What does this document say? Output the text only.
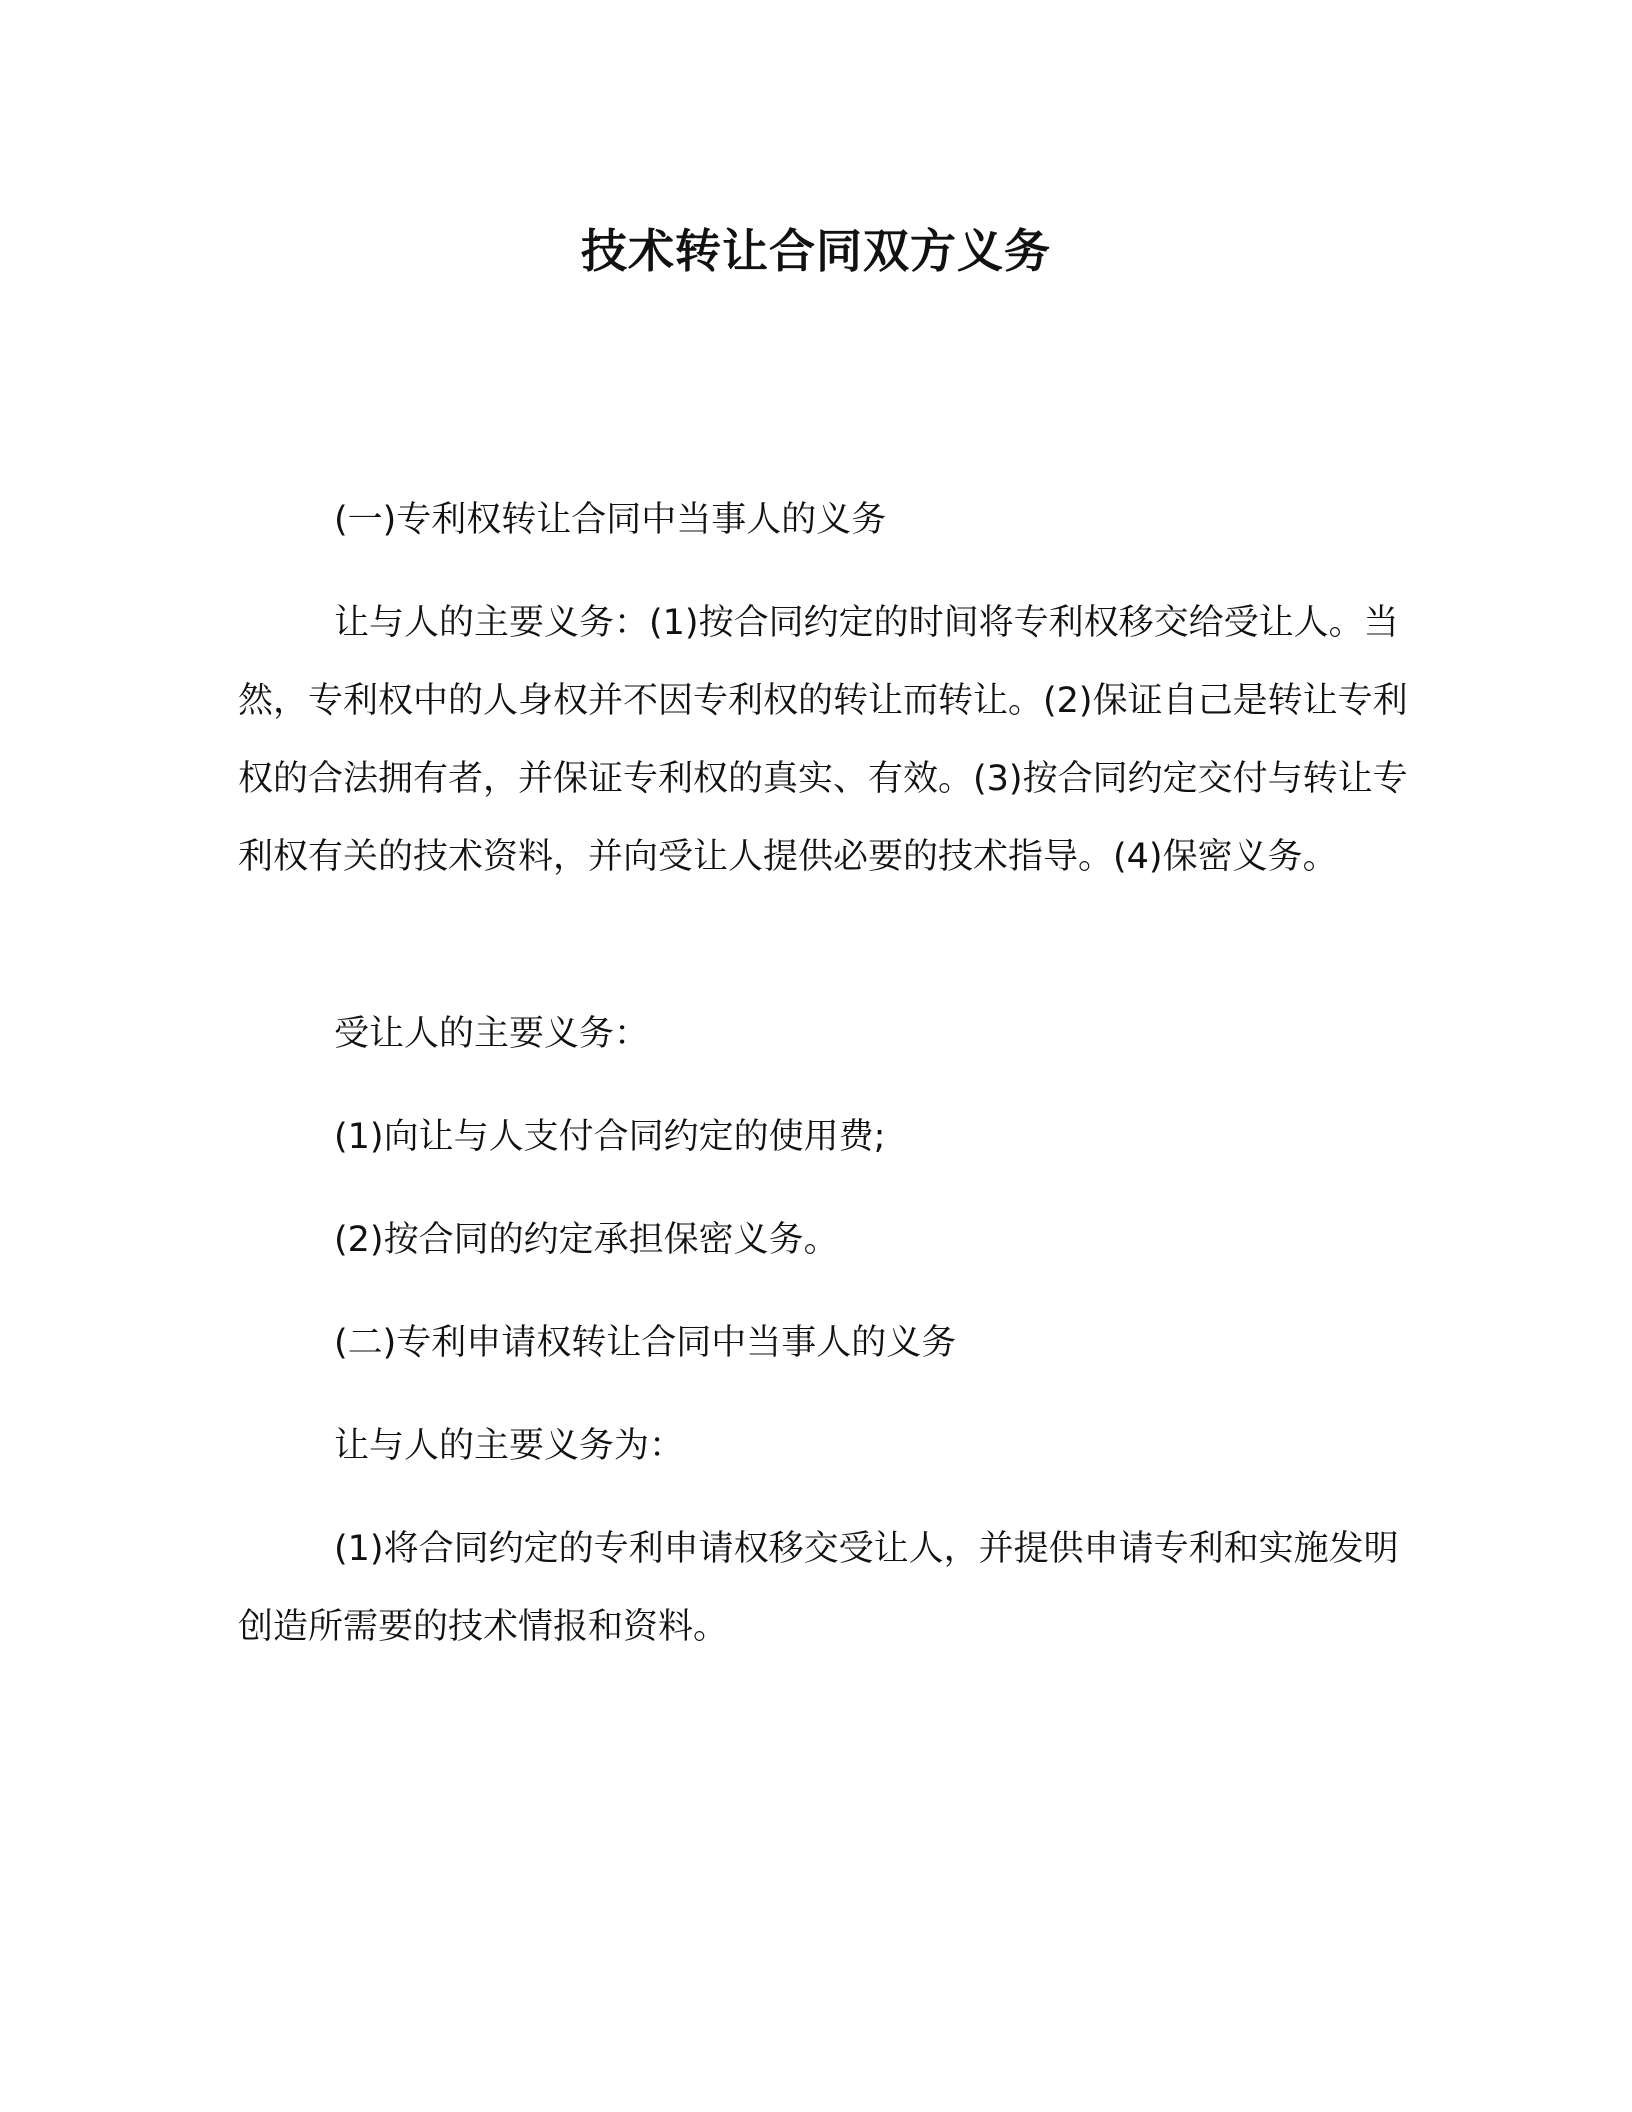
技术转让合同双方义务

(一)专利权转让合同中当事人的义务

让与人的主要义务：(1)按合同约定的时间将专利权移交给受让人。当然，专利权中的人身权并不因专利权的转让而转让。(2)保证自己是转让专利权的合法拥有者，并保证专利权的真实、有效。(3)按合同约定交付与转让专利权有关的技术资料，并向受让人提供必要的技术指导。(4)保密义务。

受让人的主要义务：

(1)向让与人支付合同约定的使用费;

(2)按合同的约定承担保密义务。

(二)专利申请权转让合同中当事人的义务

让与人的主要义务为：

(1)将合同约定的专利申请权移交受让人，并提供申请专利和实施发明创造所需要的技术情报和资料。
